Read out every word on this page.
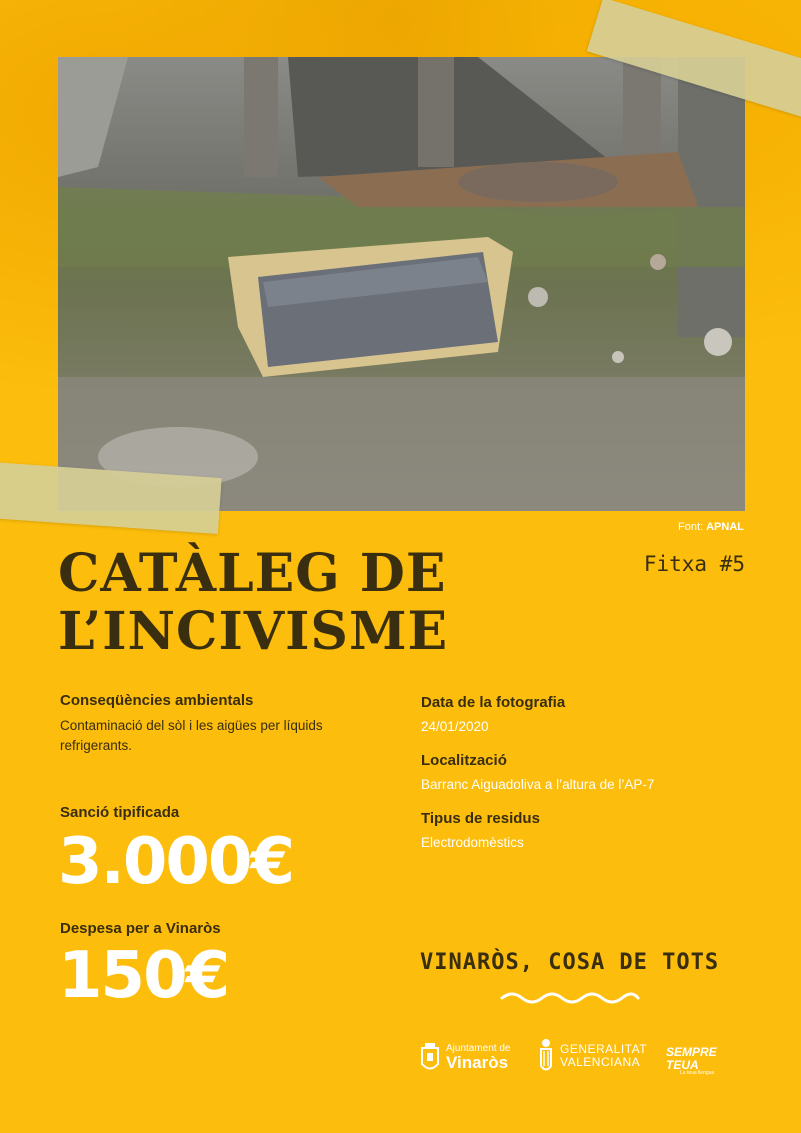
Font: APNAL
CATÀLEG DE
L’INCIVISME
Fitxa #5
Conseqüències ambientals
Contaminació del sòl i les aigües per líquids refrigerants.
Sanció tipificada
3.000€
Despesa per a Vinaròs
150€
Data de la fotografia
24/01/2020
Localització
Barranc Aiguadoliva a l’altura de l’AP-7
Tipus de residus
Electrodomèstics
VINARÒS, COSA DE TOTS
Ajuntament de
Vinaròs
GENERALITAT
VALENCIANA
SEMPRE
TEUA
La teua llengua
